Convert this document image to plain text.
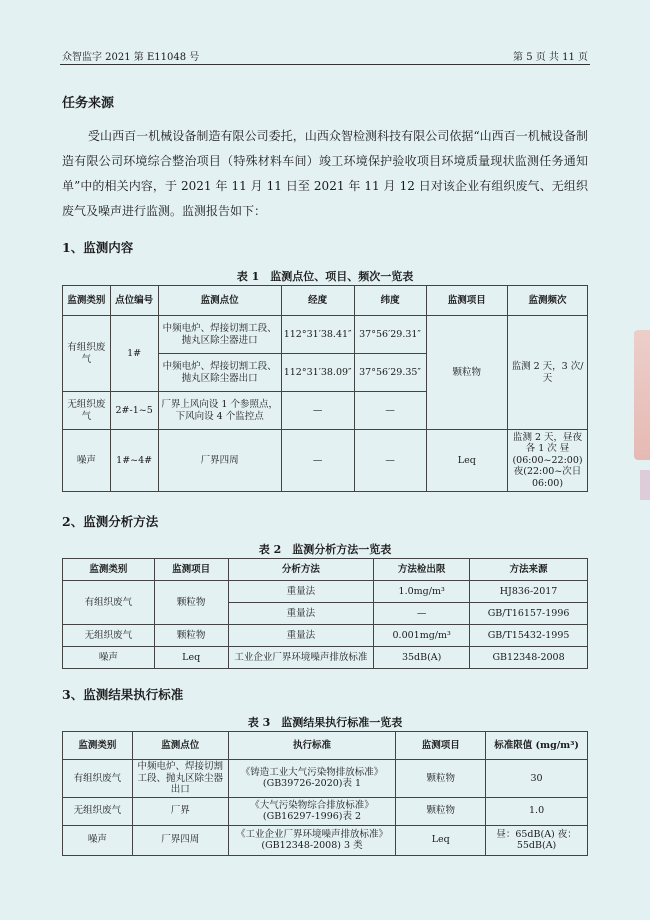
众智监字 2021 第 E11048 号	第 5 页 共 11 页
任务来源
受山西百一机械设备制造有限公司委托，山西众智检测科技有限公司依据“山西百一机械设备制造有限公司环境综合整治项目（特殊材料车间）竣工环境保护验收项目环境质量现状监测任务通知单”中的相关内容，于 2021 年 11 月 11 日至 2021 年 11 月 12 日对该企业有组织废气、无组织废气及噪声进行监测。监测报告如下：
1、监测内容
表 1　监测点位、项目、频次一览表
监测类别	点位编号	监测点位	经度	纬度	监测项目	监测频次
有组织废气	1#	中频电炉、焊接切割工段、抛丸区除尘器进口	112°31′38.41″	37°56′29.31″	颗粒物	监测 2 天，3 次/天
		中频电炉、焊接切割工段、抛丸区除尘器出口	112°31′38.09″	37°56′29.35″		
无组织废气	2#-1~5	厂界上风向设 1 个参照点，下风向设 4 个监控点	—	—		
噪声	1#~4#	厂界四周	—	—	Leq	监测 2 天，昼夜各 1 次 昼(06:00~22:00) 夜(22:00~次日06:00)
2、监测分析方法
表 2　监测分析方法一览表
监测类别	监测项目	分析方法	方法检出限	方法来源
有组织废气	颗粒物	重量法	1.0mg/m³	HJ836-2017
		重量法	—	GB/T16157-1996
无组织废气	颗粒物	重量法	0.001mg/m³	GB/T15432-1995
噪声	Leq	工业企业厂界环境噪声排放标准	35dB(A)	GB12348-2008
3、监测结果执行标准
表 3　监测结果执行标准一览表
监测类别	监测点位	执行标准	监测项目	标准限值 (mg/m³)
有组织废气	中频电炉、焊接切割工段、抛丸区除尘器出口	《铸造工业大气污染物排放标准》(GB39726-2020)表 1	颗粒物	30
无组织废气	厂界	《大气污染物综合排放标准》(GB16297-1996)表 2	颗粒物	1.0
噪声	厂界四周	《工业企业厂界环境噪声排放标准》(GB12348-2008) 3 类	Leq	昼：65dB(A) 夜：55dB(A)
